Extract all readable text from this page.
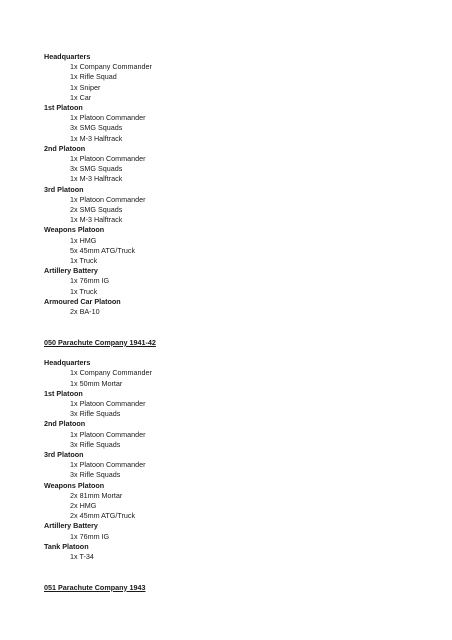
Headquarters
1x Company Commander
1x Rifle Squad
1x Sniper
1x Car
1st Platoon
1x Platoon Commander
3x SMG Squads
1x M-3 Halftrack
2nd Platoon
1x Platoon Commander
3x SMG Squads
1x M-3 Halftrack
3rd Platoon
1x Platoon Commander
2x SMG Squads
1x M-3 Halftrack
Weapons Platoon
1x HMG
5x 45mm ATG/Truck
1x Truck
Artillery Battery
1x 76mm IG
1x Truck
Armoured Car Platoon
2x BA-10
050 Parachute Company 1941-42
Headquarters
1x Company Commander
1x 50mm Mortar
1st Platoon
1x Platoon Commander
3x Rifle Squads
2nd Platoon
1x Platoon Commander
3x Rifle Squads
3rd Platoon
1x Platoon Commander
3x Rifle Squads
Weapons Platoon
2x 81mm Mortar
2x HMG
2x 45mm ATG/Truck
Artillery Battery
1x 76mm IG
Tank Platoon
1x T-34
051 Parachute Company 1943
